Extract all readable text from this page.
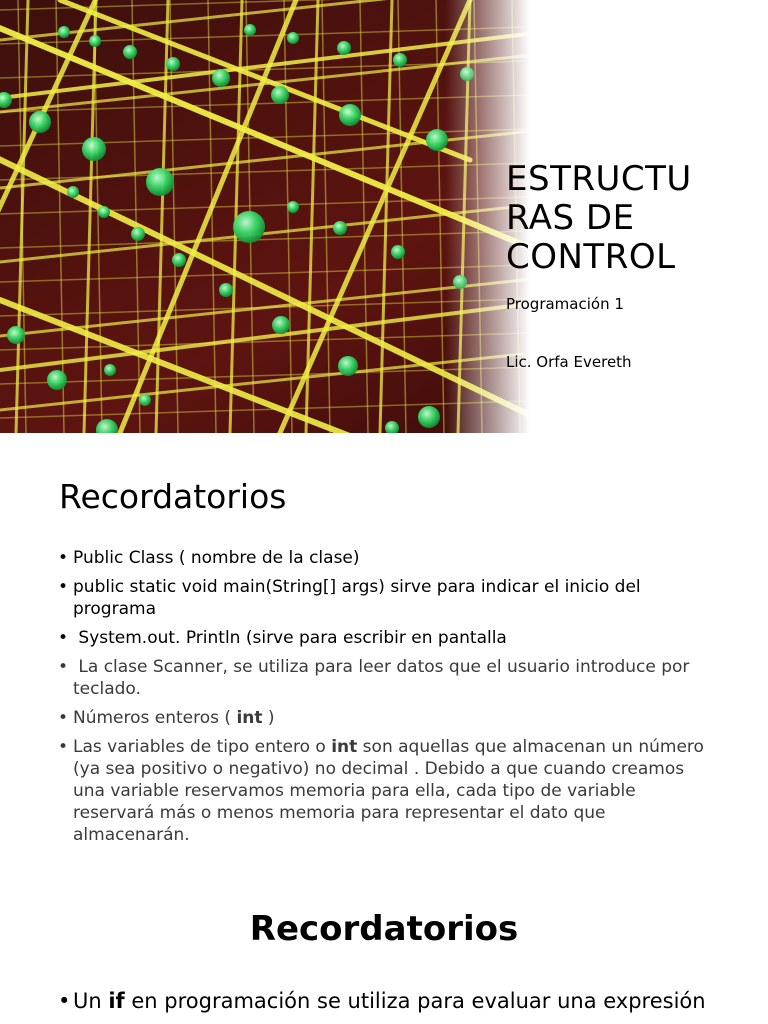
ESTRUCTU
RAS DE
CONTROL
Programación 1
Lic. Orfa Evereth
Recordatorios
• Public Class ( nombre de la clase)
• public static void main(String[] args) sirve para indicar el inicio del programa
•  System.out. Println (sirve para escribir en pantalla
•  La clase Scanner, se utiliza para leer datos que el usuario introduce por teclado.
• Números enteros ( int )
• Las variables de tipo entero o int son aquellas que almacenan un número (ya sea positivo o negativo) no decimal . Debido a que cuando creamos una variable reservamos memoria para ella, cada tipo de variable reservará más o menos memoria para representar el dato que almacenarán.
Recordatorios
• Un if en programación se utiliza para evaluar una expresión
